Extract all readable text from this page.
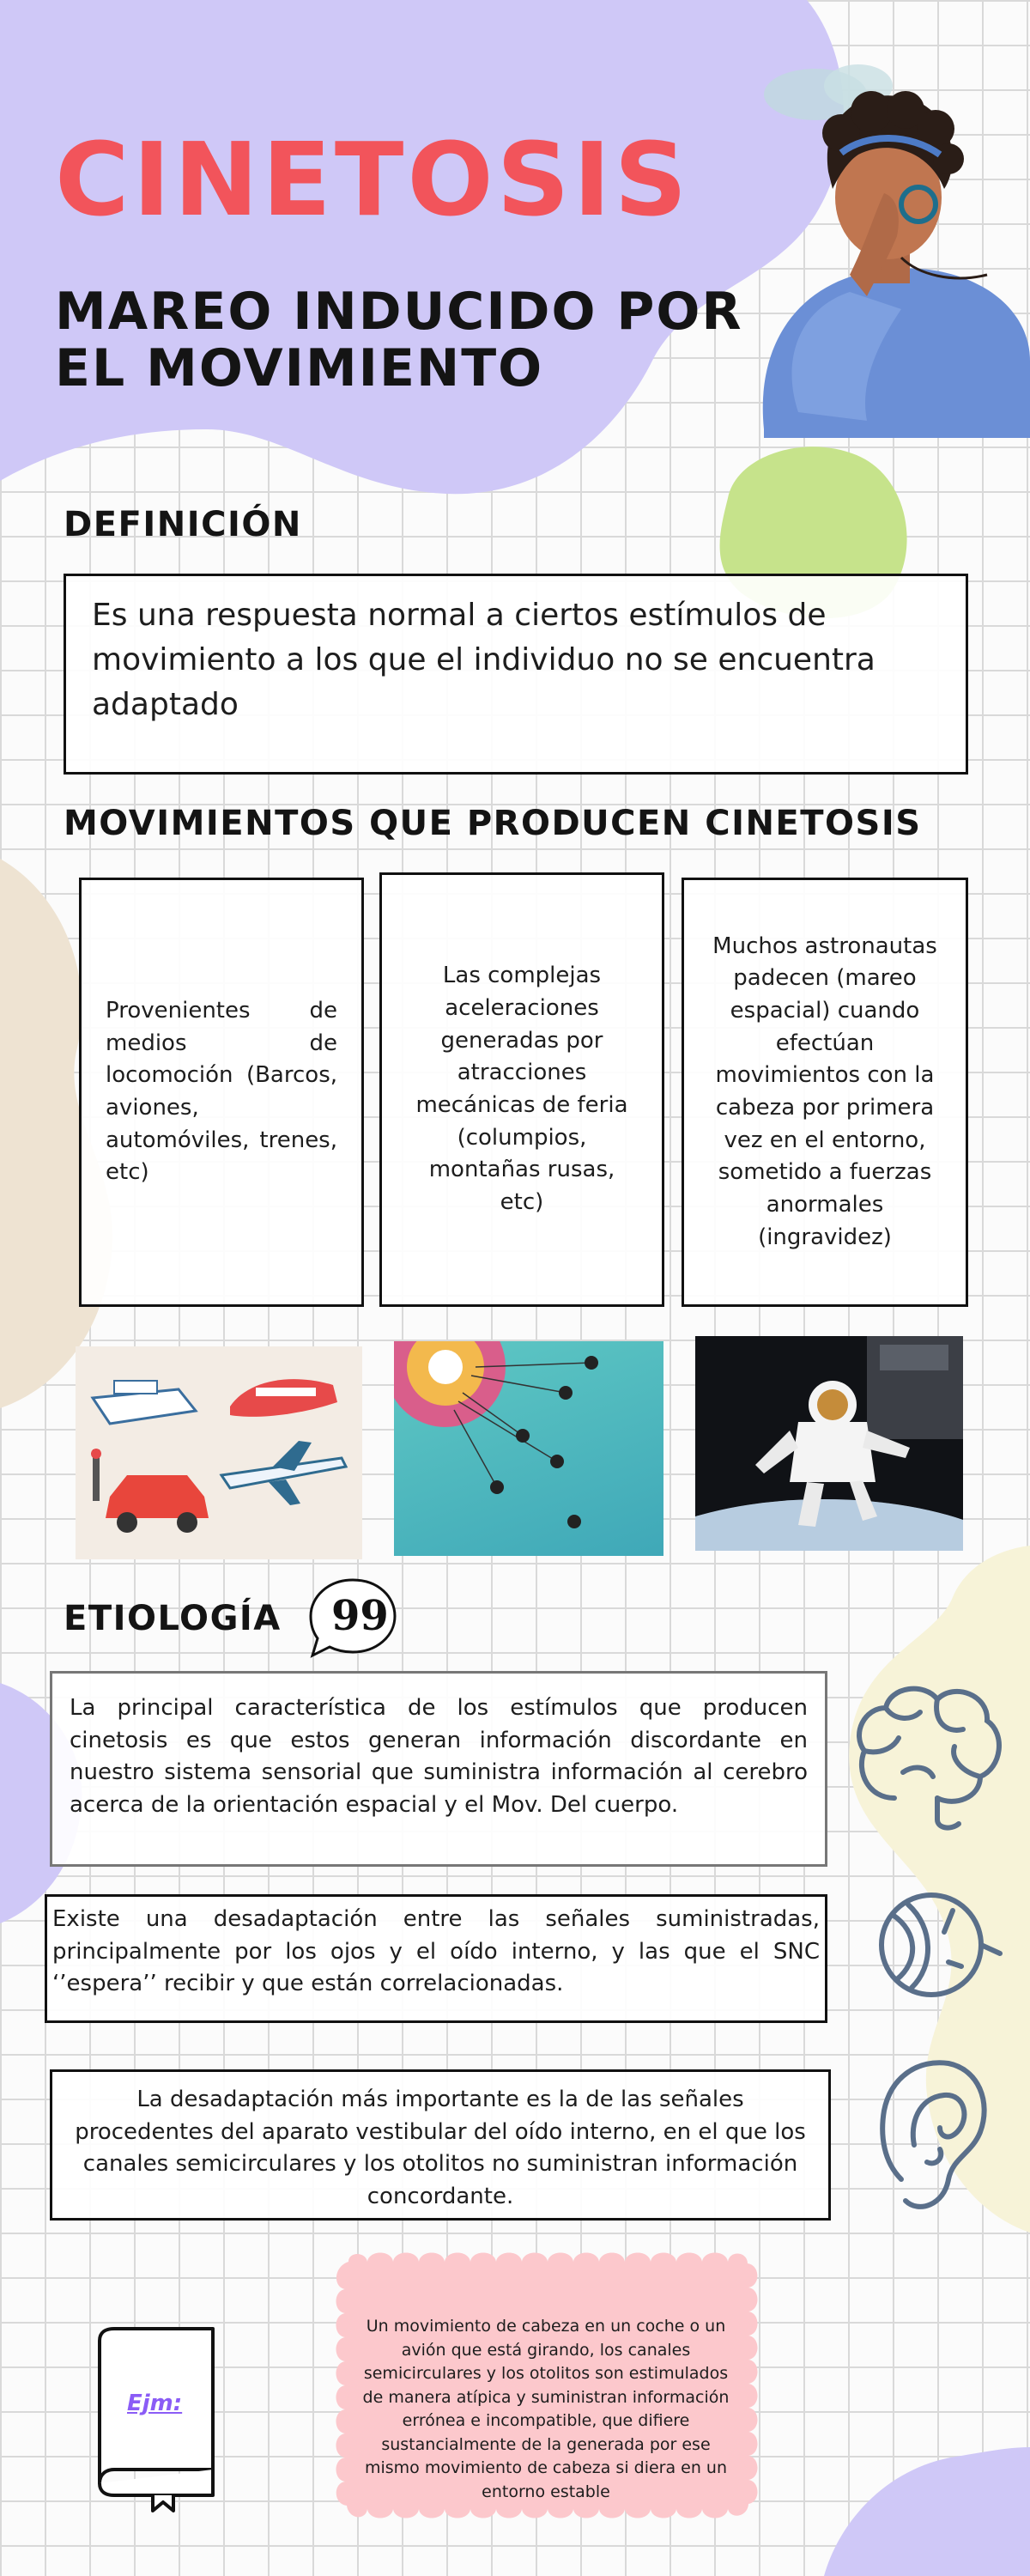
CINETOSIS
MAREO INDUCIDO POR EL MOVIMIENTO
DEFINICIÓN
Es una respuesta normal a ciertos estímulos de movimiento a los que el individuo no se encuentra adaptado
MOVIMIENTOS QUE PRODUCEN CINETOSIS
Provenientes de medios de locomoción (Barcos, aviones, automóviles, trenes, etc)
Las complejas aceleraciones generadas por atracciones mecánicas de feria (columpios, montañas rusas, etc)
Muchos astronautas padecen (mareo espacial) cuando efectúan movimientos con la cabeza por primera vez en el entorno, sometido a fuerzas anormales (ingravidez)
ETIOLOGÍA 99
La principal característica de los estímulos que producen cinetosis es que estos generan información discordante en nuestro sistema sensorial que suministra información al cerebro acerca de la orientación espacial y el Mov. Del cuerpo.
Existe una desadaptación entre las señales suministradas, principalmente por los ojos y el oído interno, y las que el SNC ‘’espera’’ recibir y que están correlacionadas.
La desadaptación más importante es la de las señales procedentes del aparato vestibular del oído interno, en el que los canales semicirculares y los otolitos no suministran información concordante.
Ejm:
Un movimiento de cabeza en un coche o un avión que está girando, los canales semicirculares y los otolitos son estimulados de manera atípica y suministran información errónea e incompatible, que difiere sustancialmente de la generada por ese mismo movimiento de cabeza si diera en un entorno estable
